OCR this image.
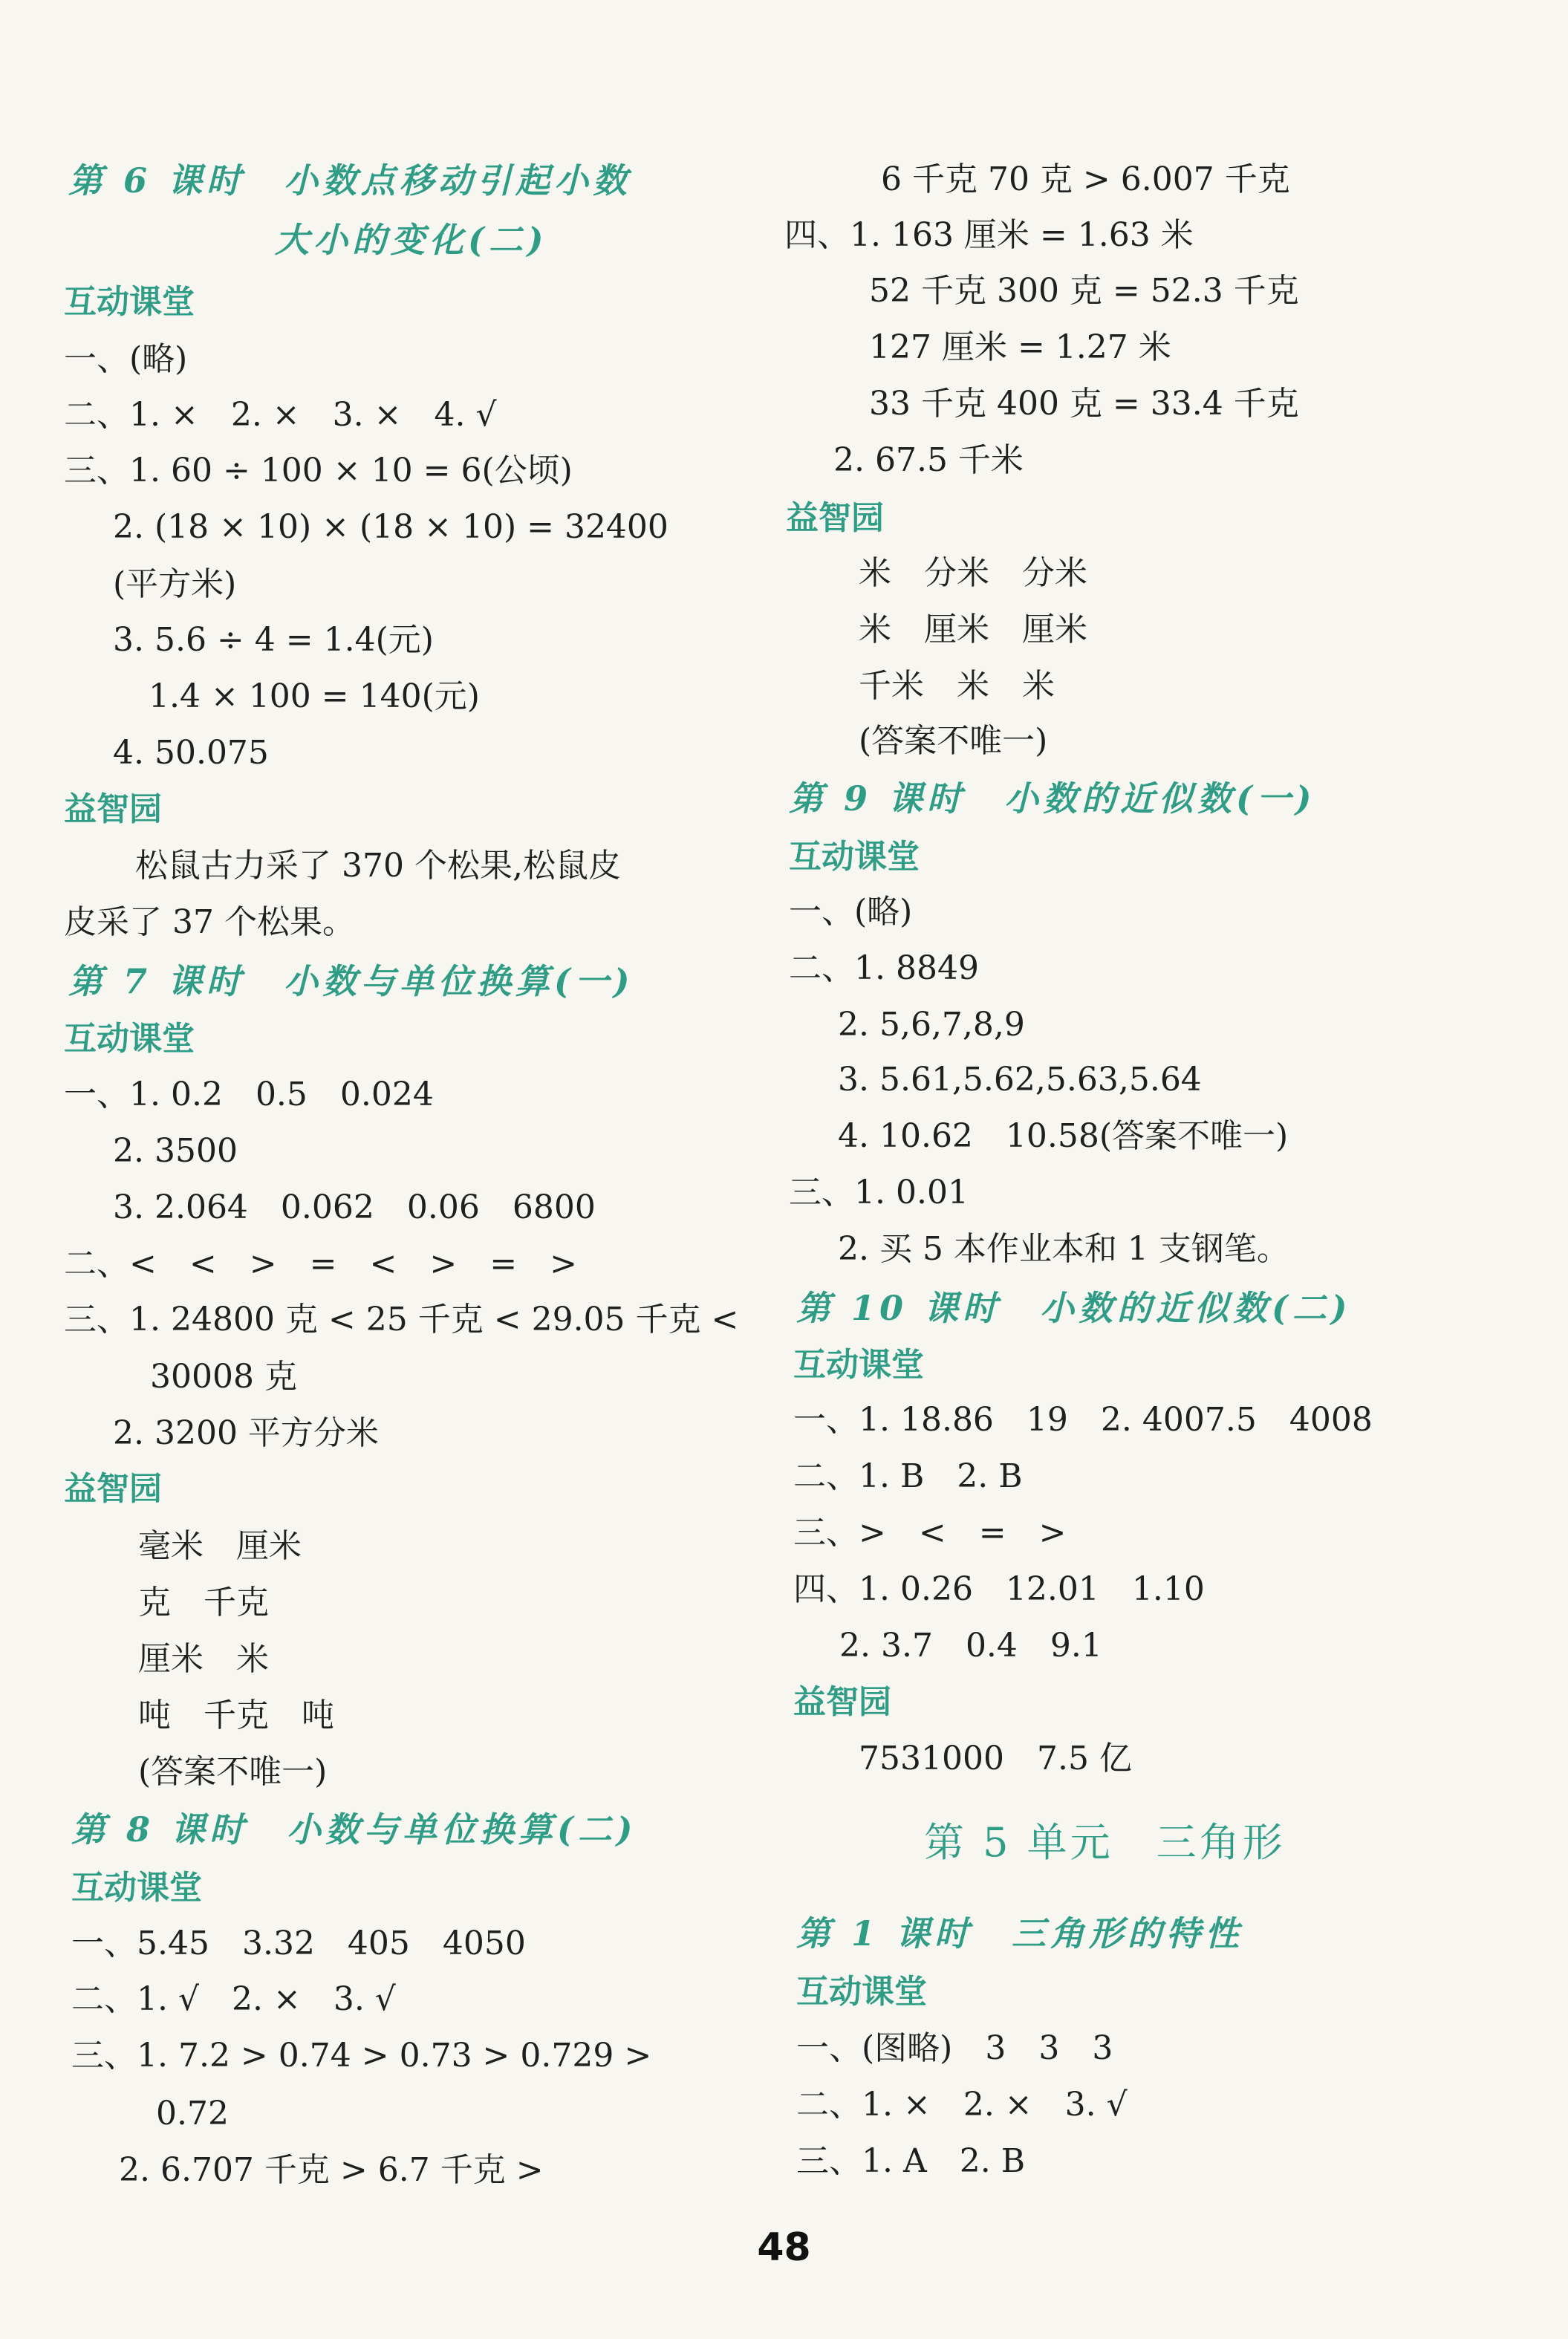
第 6 课时　小数点移动引起小数
大小的变化(二)
互动课堂
一、(略)
二、1. ×　2. ×　3. ×　4. √
三、1. 60 ÷ 100 × 10 = 6(公顷)
2. (18 × 10) × (18 × 10) = 32400
(平方米)
3. 5.6 ÷ 4 = 1.4(元)
1.4 × 100 = 140(元)
4. 50.075
益智园
松鼠古力采了 370 个松果,松鼠皮
皮采了 37 个松果。
第 7 课时　小数与单位换算(一)
互动课堂
一、1. 0.2　0.5　0.024
2. 3500
3. 2.064　0.062　0.06　6800
二、<　<　>　=　<　>　=　>
三、1. 24800 克 < 25 千克 < 29.05 千克 <
30008 克
2. 3200 平方分米
益智园
毫米　厘米
克　千克
厘米　米
吨　千克　吨
(答案不唯一)
第 8 课时　小数与单位换算(二)
互动课堂
一、5.45　3.32　405　4050
二、1. √　2. ×　3. √
三、1. 7.2 > 0.74 > 0.73 > 0.729 >
0.72
2. 6.707 千克 > 6.7 千克 >
6 千克 70 克 > 6.007 千克
四、1. 163 厘米 = 1.63 米
52 千克 300 克 = 52.3 千克
127 厘米 = 1.27 米
33 千克 400 克 = 33.4 千克
2. 67.5 千米
益智园
米　分米　分米
米　厘米　厘米
千米　米　米
(答案不唯一)
第 9 课时　小数的近似数(一)
互动课堂
一、(略)
二、1. 8849
2. 5,6,7,8,9
3. 5.61,5.62,5.63,5.64
4. 10.62　10.58(答案不唯一)
三、1. 0.01
2. 买 5 本作业本和 1 支钢笔。
第 10 课时　小数的近似数(二)
互动课堂
一、1. 18.86　19　2. 4007.5　4008
二、1. B　2. B
三、>　<　=　>
四、1. 0.26　12.01　1.10
2. 3.7　0.4　9.1
益智园
7531000　7.5 亿
第 5 单元　三角形
第 1 课时　三角形的特性
互动课堂
一、(图略)　3　3　3
二、1. ×　2. ×　3. √
三、1. A　2. B
48
